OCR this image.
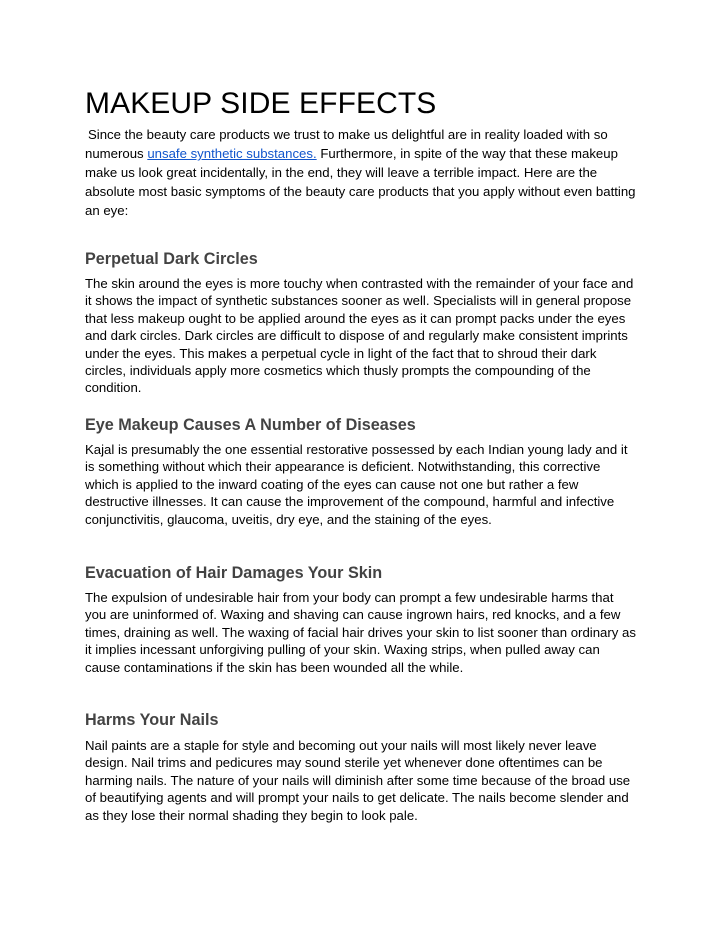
MAKEUP SIDE EFFECTS

Since the beauty care products we trust to make us delightful are in reality loaded with so numerous unsafe synthetic substances. Furthermore, in spite of the way that these makeup make us look great incidentally, in the end, they will leave a terrible impact. Here are the absolute most basic symptoms of the beauty care products that you apply without even batting an eye:

Perpetual Dark Circles

The skin around the eyes is more touchy when contrasted with the remainder of your face and it shows the impact of synthetic substances sooner as well. Specialists will in general propose that less makeup ought to be applied around the eyes as it can prompt packs under the eyes and dark circles. Dark circles are difficult to dispose of and regularly make consistent imprints under the eyes. This makes a perpetual cycle in light of the fact that to shroud their dark circles, individuals apply more cosmetics which thusly prompts the compounding of the condition.

Eye Makeup Causes A Number of Diseases

Kajal is presumably the one essential restorative possessed by each Indian young lady and it is something without which their appearance is deficient. Notwithstanding, this corrective which is applied to the inward coating of the eyes can cause not one but rather a few destructive illnesses. It can cause the improvement of the compound, harmful and infective conjunctivitis, glaucoma, uveitis, dry eye, and the staining of the eyes.

Evacuation of Hair Damages Your Skin

The expulsion of undesirable hair from your body can prompt a few undesirable harms that you are uninformed of. Waxing and shaving can cause ingrown hairs, red knocks, and a few times, draining as well. The waxing of facial hair drives your skin to list sooner than ordinary as it implies incessant unforgiving pulling of your skin. Waxing strips, when pulled away can cause contaminations if the skin has been wounded all the while.

Harms Your Nails

Nail paints are a staple for style and becoming out your nails will most likely never leave design. Nail trims and pedicures may sound sterile yet whenever done oftentimes can be harming nails. The nature of your nails will diminish after some time because of the broad use of beautifying agents and will prompt your nails to get delicate. The nails become slender and as they lose their normal shading they begin to look pale.
